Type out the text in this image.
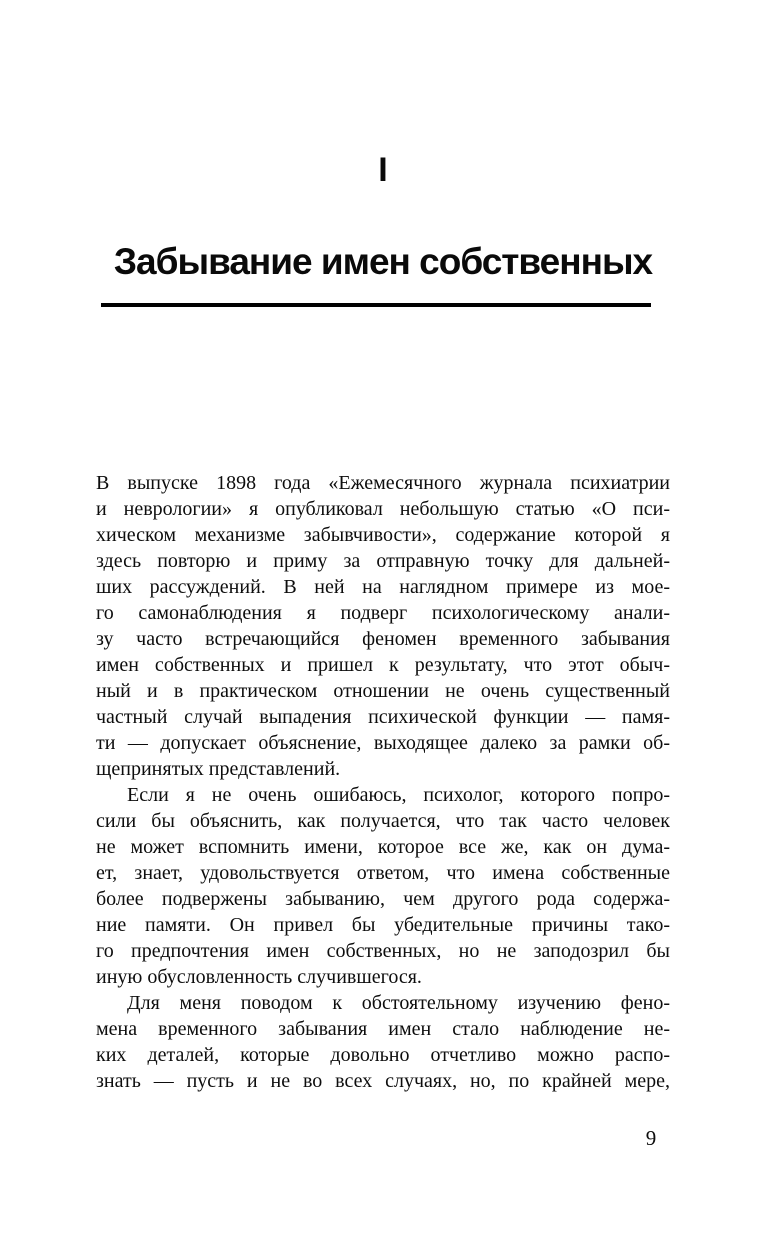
I
Забывание имен собственных
В выпуске 1898 года «Ежемесячного журнала психиатрии
и неврологии» я опубликовал небольшую статью «О пси-
хическом механизме забывчивости», содержание которой я
здесь повторю и приму за отправную точку для дальней-
ших рассуждений. В ней на наглядном примере из мое-
го самонаблюдения я подверг психологическому анали-
зу часто встречающийся феномен временного забывания
имен собственных и пришел к результату, что этот обыч-
ный и в практическом отношении не очень существенный
частный случай выпадения психической функции — памя-
ти — допускает объяснение, выходящее далеко за рамки об-
щепринятых представлений.
Если я не очень ошибаюсь, психолог, которого попро-
сили бы объяснить, как получается, что так часто человек
не может вспомнить имени, которое все же, как он дума-
ет, знает, удовольствуется ответом, что имена собственные
более подвержены забыванию, чем другого рода содержа-
ние памяти. Он привел бы убедительные причины тако-
го предпочтения имен собственных, но не заподозрил бы
иную обусловленность случившегося.
Для меня поводом к обстоятельному изучению фено-
мена временного забывания имен стало наблюдение не-
ких деталей, которые довольно отчетливо можно распо-
знать — пусть и не во всех случаях, но, по крайней мере,
9
